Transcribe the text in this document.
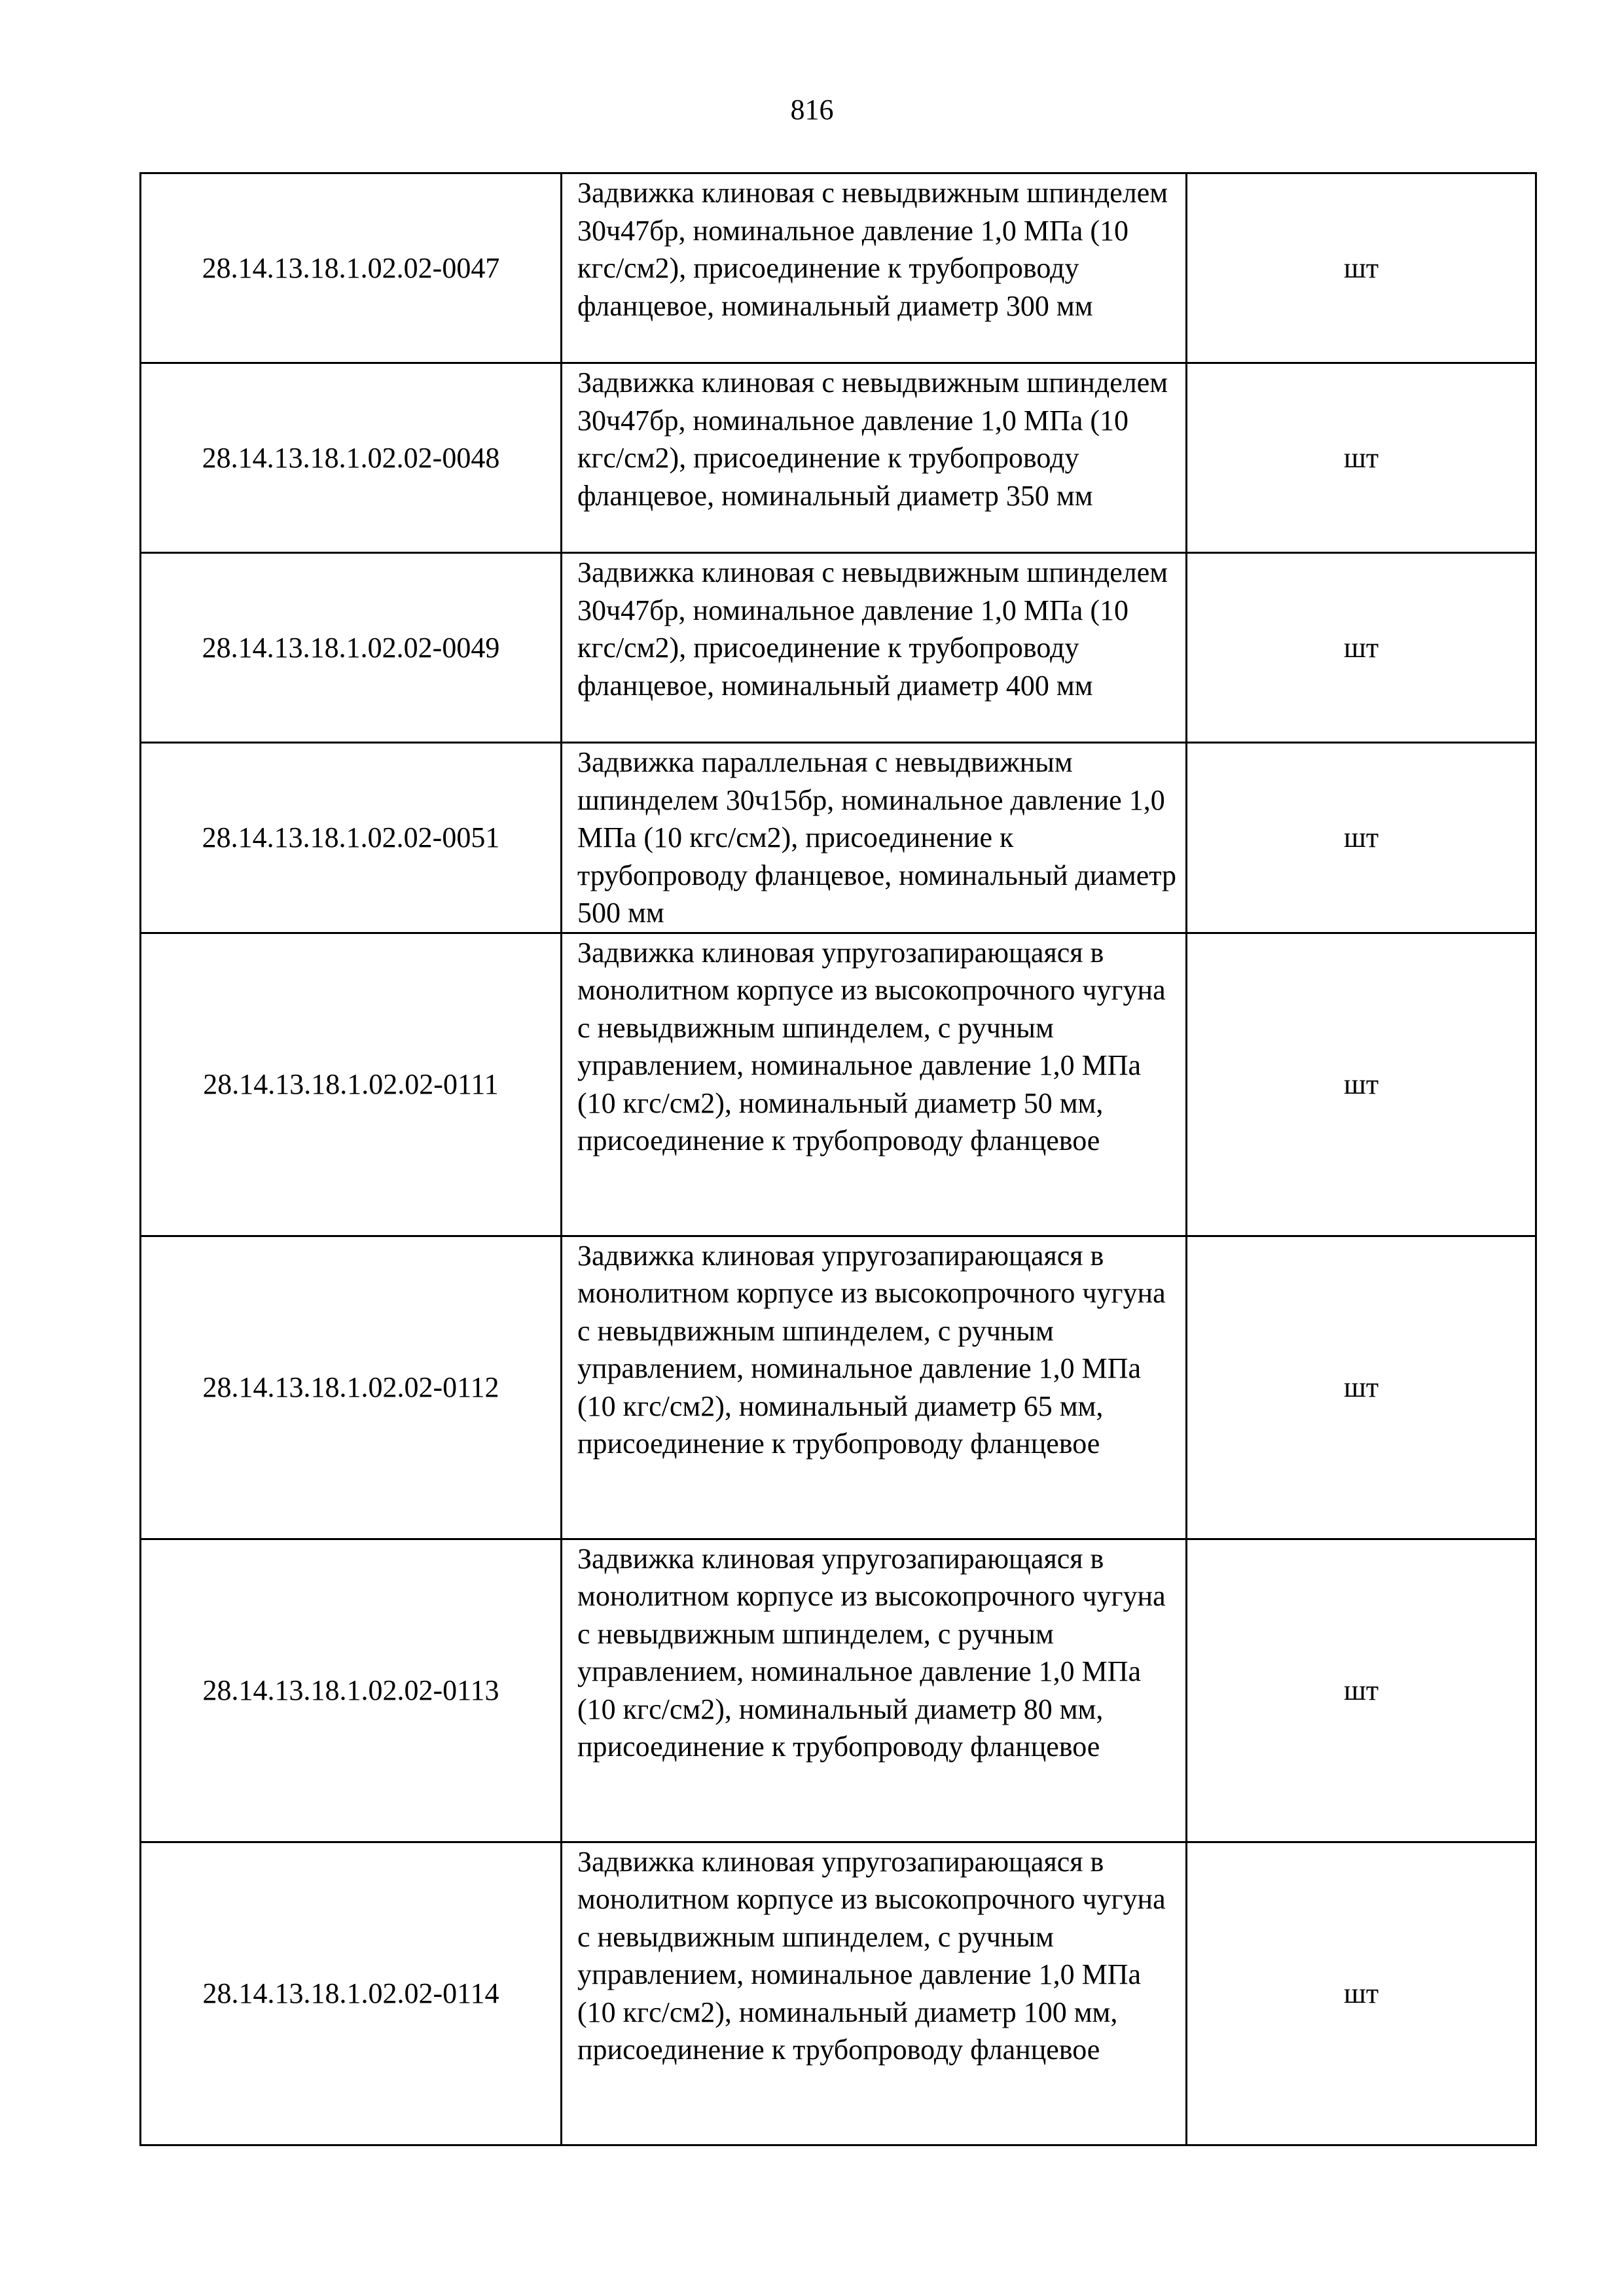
816
28.14.13.18.1.02.02-0047	Задвижка клиновая с невыдвижным шпинделем 30ч47бр, номинальное давление 1,0 МПа (10 кгс/см2), присоединение к трубопроводу фланцевое, номинальный диаметр 300 мм	шт
28.14.13.18.1.02.02-0048	Задвижка клиновая с невыдвижным шпинделем 30ч47бр, номинальное давление 1,0 МПа (10 кгс/см2), присоединение к трубопроводу фланцевое, номинальный диаметр 350 мм	шт
28.14.13.18.1.02.02-0049	Задвижка клиновая с невыдвижным шпинделем 30ч47бр, номинальное давление 1,0 МПа (10 кгс/см2), присоединение к трубопроводу фланцевое, номинальный диаметр 400 мм	шт
28.14.13.18.1.02.02-0051	Задвижка параллельная с невыдвижным шпинделем 30ч15бр, номинальное давление 1,0 МПа (10 кгс/см2), присоединение к трубопроводу фланцевое, номинальный диаметр 500 мм	шт
28.14.13.18.1.02.02-0111	Задвижка клиновая упругозапирающаяся в монолитном корпусе из высокопрочного чугуна с невыдвижным шпинделем, с ручным управлением, номинальное давление 1,0 МПа (10 кгс/см2), номинальный диаметр 50 мм, присоединение к трубопроводу фланцевое	шт
28.14.13.18.1.02.02-0112	Задвижка клиновая упругозапирающаяся в монолитном корпусе из высокопрочного чугуна с невыдвижным шпинделем, с ручным управлением, номинальное давление 1,0 МПа (10 кгс/см2), номинальный диаметр 65 мм, присоединение к трубопроводу фланцевое	шт
28.14.13.18.1.02.02-0113	Задвижка клиновая упругозапирающаяся в монолитном корпусе из высокопрочного чугуна с невыдвижным шпинделем, с ручным управлением, номинальное давление 1,0 МПа (10 кгс/см2), номинальный диаметр 80 мм, присоединение к трубопроводу фланцевое	шт
28.14.13.18.1.02.02-0114	Задвижка клиновая упругозапирающаяся в монолитном корпусе из высокопрочного чугуна с невыдвижным шпинделем, с ручным управлением, номинальное давление 1,0 МПа (10 кгс/см2), номинальный диаметр 100 мм, присоединение к трубопроводу фланцевое	шт
